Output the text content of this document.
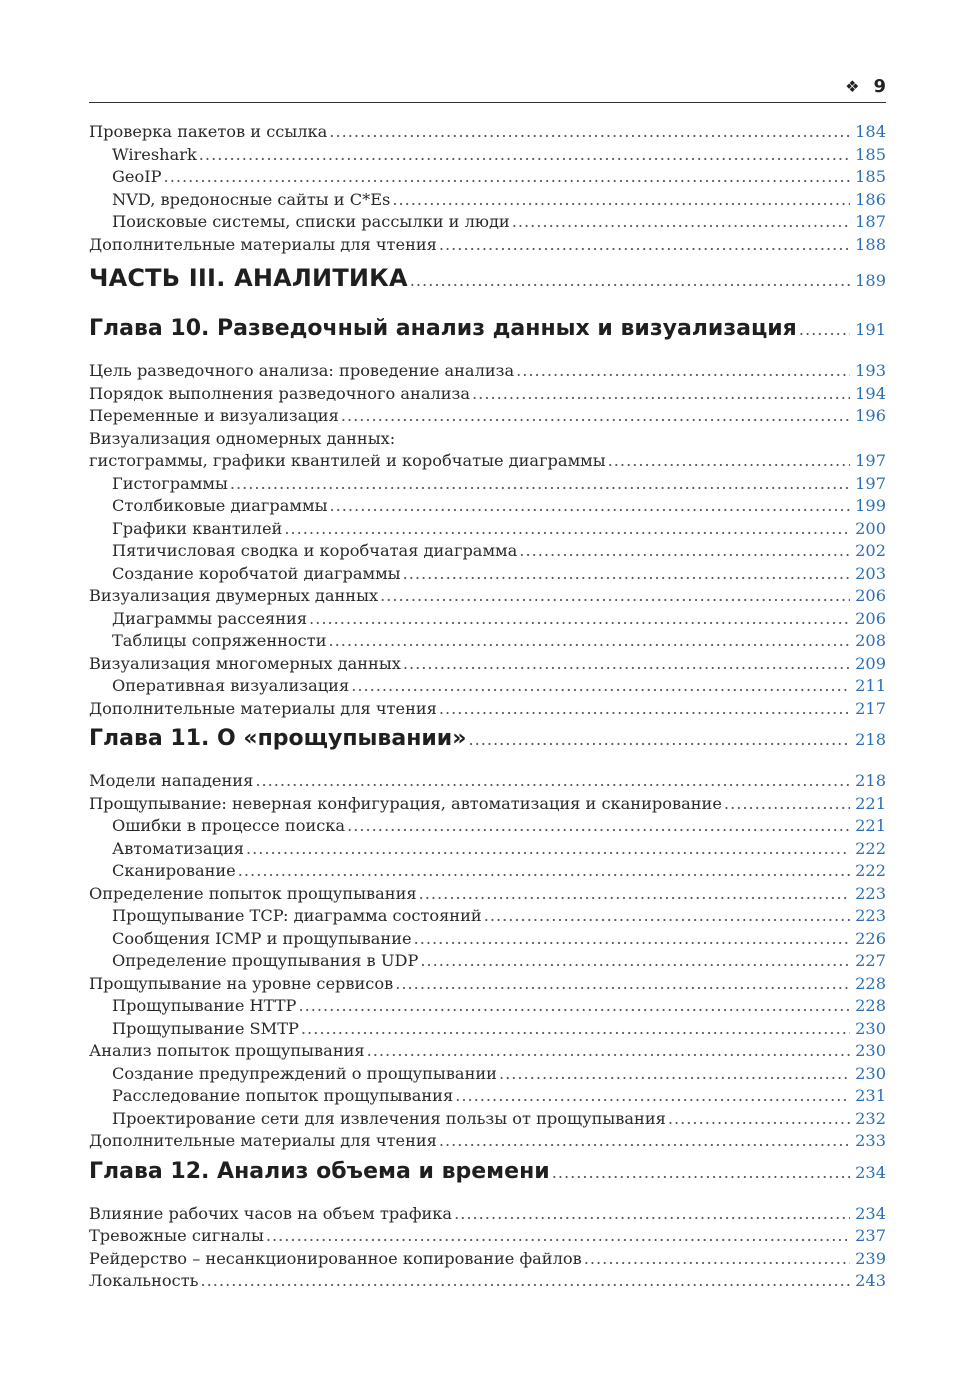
❖ 9
Проверка пакетов и ссылка .....	184
Wireshark .....	185
GeoIP .....	185
NVD, вредоносные сайты и C*Es .....	186
Поисковые системы, списки рассылки и люди .....	187
Дополнительные материалы для чтения .....	188
ЧАСТЬ III. АНАЛИТИКА .....	189
Глава 10. Разведочный анализ данных и визуализация .....	191
Цель разведочного анализа: проведение анализа .....	193
Порядок выполнения разведочного анализа .....	194
Переменные и визуализация .....	196
Визуализация одномерных данных:
гистограммы, графики квантилей и коробчатые диаграммы .....	197
Гистограммы .....	197
Столбиковые диаграммы .....	199
Графики квантилей .....	200
Пятичисловая сводка и коробчатая диаграмма .....	202
Создание коробчатой диаграммы .....	203
Визуализация двумерных данных .....	206
Диаграммы рассеяния .....	206
Таблицы сопряженности .....	208
Визуализация многомерных данных .....	209
Оперативная визуализация .....	211
Дополнительные материалы для чтения .....	217
Глава 11. О «прощупывании» .....	218
Модели нападения .....	218
Прощупывание: неверная конфигурация, автоматизация и сканирование .....	221
Ошибки в процессе поиска .....	221
Автоматизация .....	222
Сканирование .....	222
Определение попыток прощупывания .....	223
Прощупывание TCP: диаграмма состояний .....	223
Сообщения ICMP и прощупывание .....	226
Определение прощупывания в UDP .....	227
Прощупывание на уровне сервисов .....	228
Прощупывание HTTP .....	228
Прощупывание SMTP .....	230
Анализ попыток прощупывания .....	230
Создание предупреждений о прощупывании .....	230
Расследование попыток прощупывания .....	231
Проектирование сети для извлечения пользы от прощупывания .....	232
Дополнительные материалы для чтения .....	233
Глава 12. Анализ объема и времени .....	234
Влияние рабочих часов на объем трафика .....	234
Тревожные сигналы .....	237
Рейдерство – несанкционированное копирование файлов .....	239
Локальность .....	243
